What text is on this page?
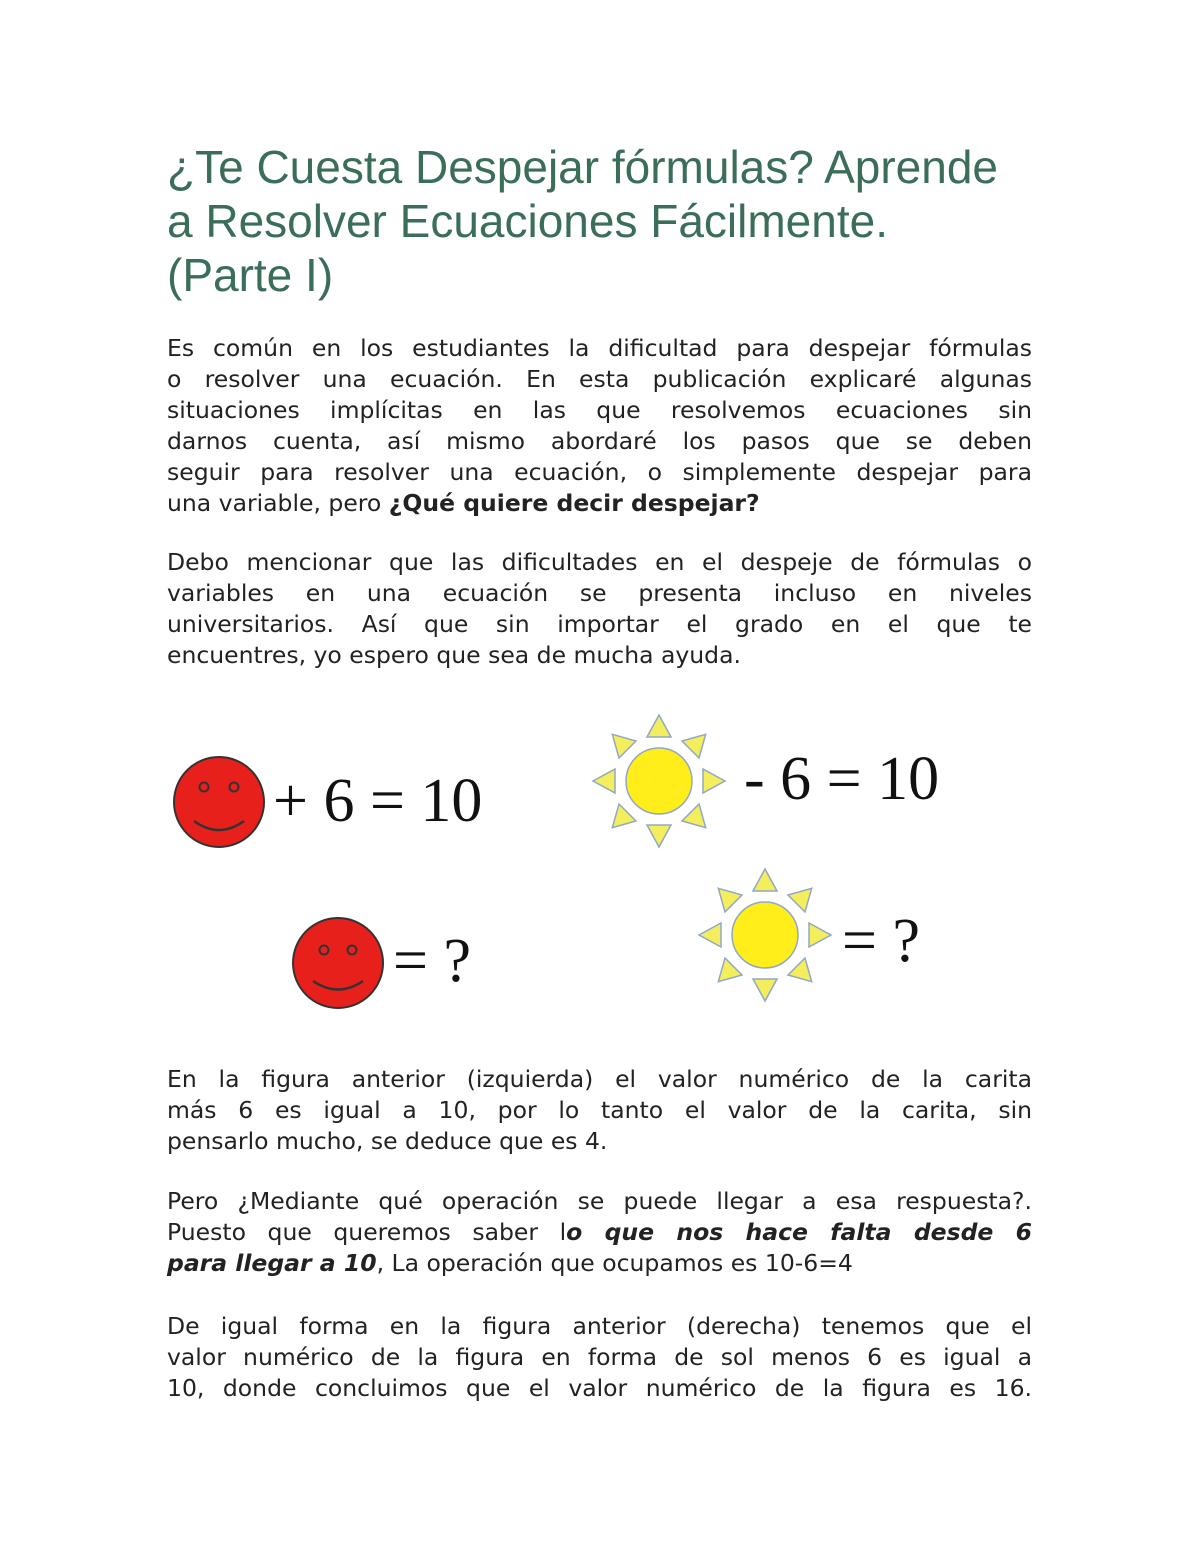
¿Te Cuesta Despejar fórmulas? Aprende
a Resolver Ecuaciones Fácilmente.
(Parte I)

Es común en los estudiantes la dificultad para despejar fórmulas
o resolver una ecuación. En esta publicación explicaré algunas
situaciones implícitas en las que resolvemos ecuaciones sin
darnos cuenta, así mismo abordaré los pasos que se deben
seguir para resolver una ecuación, o simplemente despejar para
una variable, pero ¿Qué quiere decir despejar?

Debo mencionar que las dificultades en el despeje de fórmulas o
variables en una ecuación se presenta incluso en niveles
universitarios. Así que sin importar el grado en el que te
encuentres, yo espero que sea de mucha ayuda.

+ 6 = 10	- 6 = 10
= ?	= ?

En la figura anterior (izquierda) el valor numérico de la carita
más 6 es igual a 10, por lo tanto el valor de la carita, sin
pensarlo mucho, se deduce que es 4.

Pero ¿Mediante qué operación se puede llegar a esa respuesta?.
Puesto que queremos saber lo que nos hace falta desde 6
para llegar a 10, La operación que ocupamos es 10-6=4

De igual forma en la figura anterior (derecha) tenemos que el
valor numérico de la figura en forma de sol menos 6 es igual a
10, donde concluimos que el valor numérico de la figura es 16.
